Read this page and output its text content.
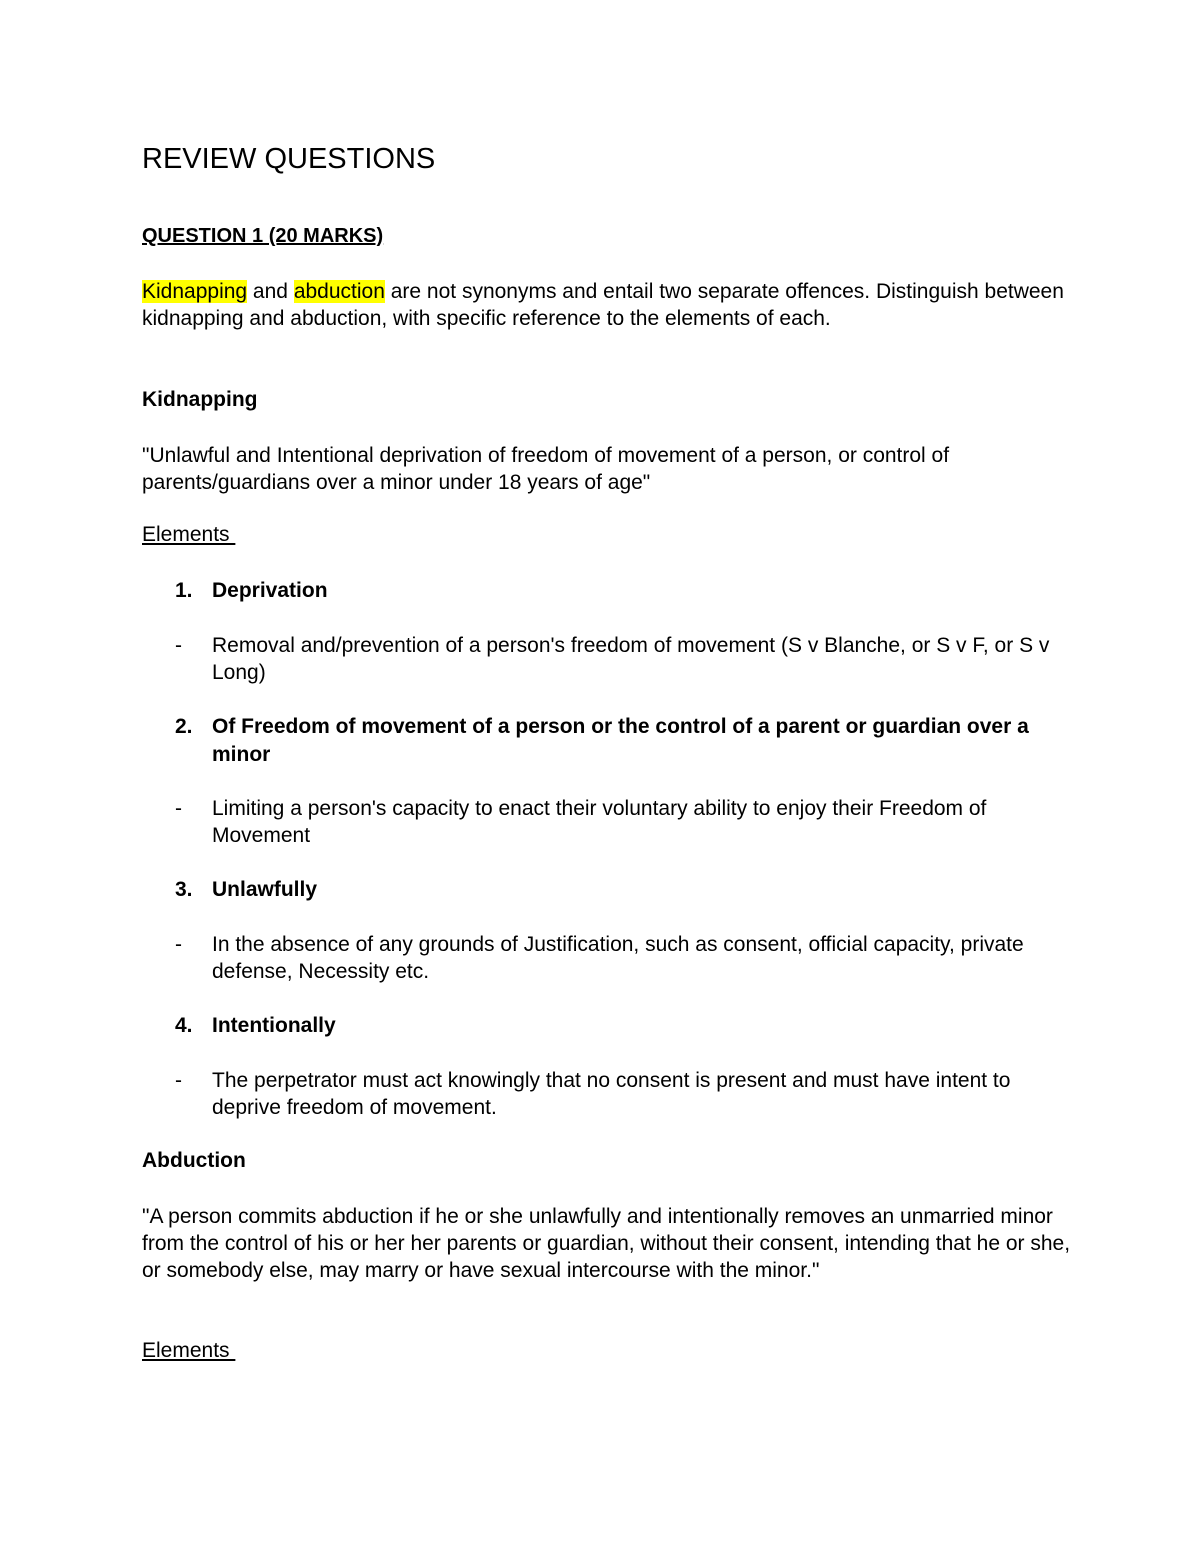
REVIEW QUESTIONS
QUESTION 1 (20 MARKS)
Kidnapping and abduction are not synonyms and entail two separate offences. Distinguish between kidnapping and abduction, with specific reference to the elements of each.
Kidnapping
"Unlawful and Intentional deprivation of freedom of movement of a person, or control of parents/guardians over a minor under 18 years of age"
Elements
1. Deprivation
- Removal and/prevention of a person's freedom of movement (S v Blanche, or S v F, or S v Long)
2. Of Freedom of movement of a person or the control of a parent or guardian over a minor
- Limiting a person's capacity to enact their voluntary ability to enjoy their Freedom of Movement
3. Unlawfully
- In the absence of any grounds of Justification, such as consent, official capacity, private defense, Necessity etc.
4. Intentionally
- The perpetrator must act knowingly that no consent is present and must have intent to deprive freedom of movement.
Abduction
"A person commits abduction if he or she unlawfully and intentionally removes an unmarried minor from the control of his or her her parents or guardian, without their consent, intending that he or she, or somebody else, may marry or have sexual intercourse with the minor."
Elements
